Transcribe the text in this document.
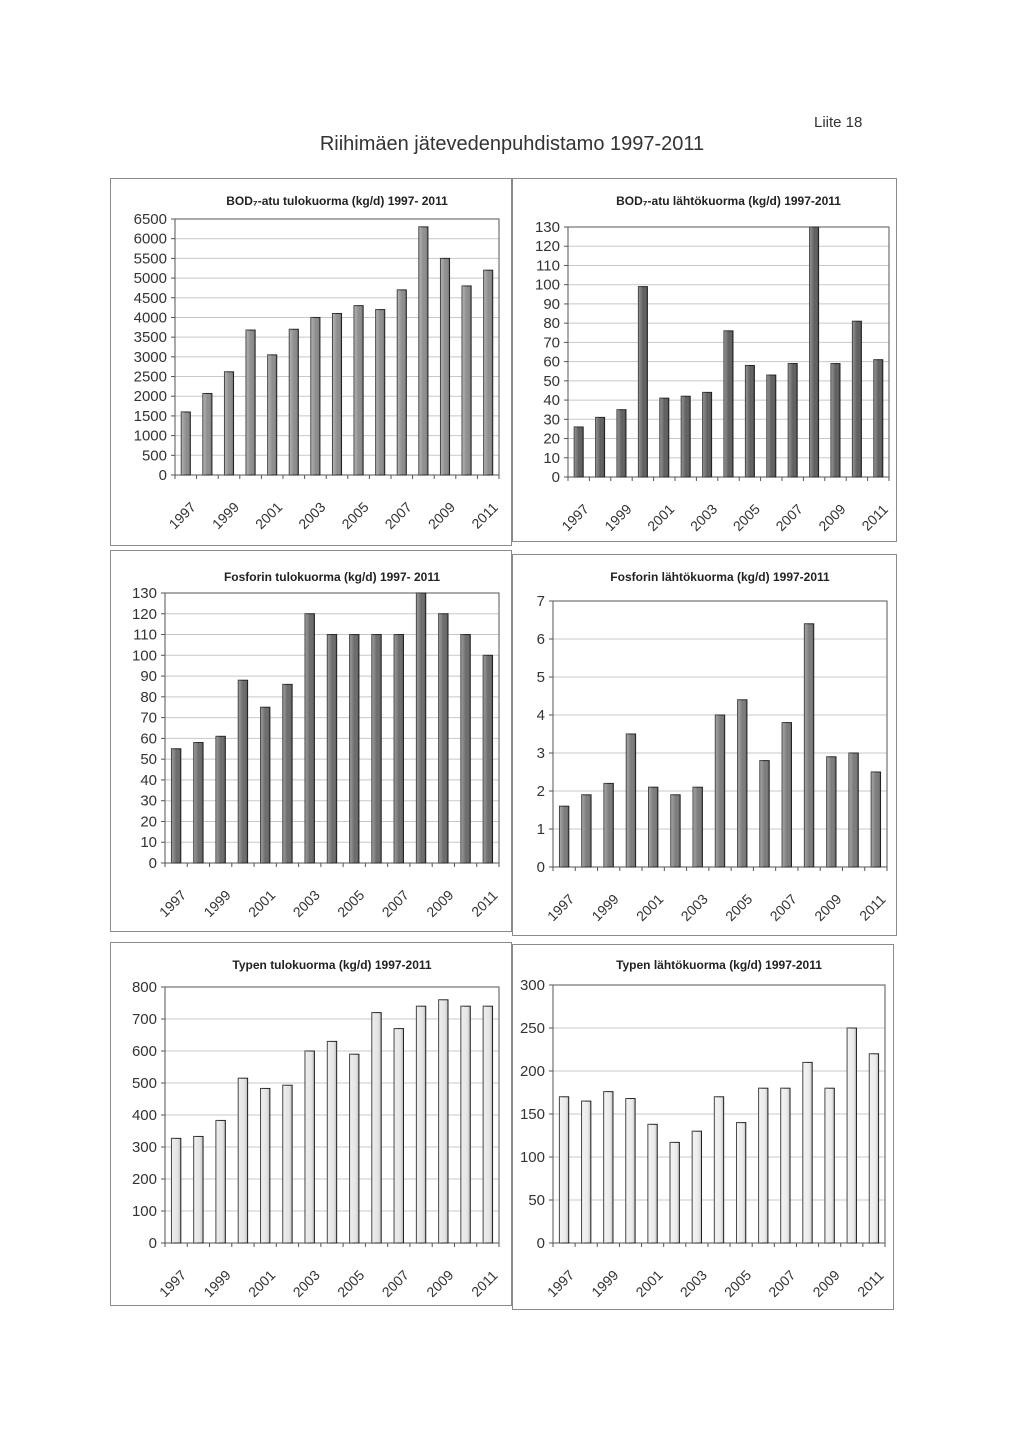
Liite 18
Riihimäen jätevedenpuhdistamo 1997-2011
BOD₇-atu tulokuorma (kg/d) 1997- 2011
0
500
1000
1500
2000
2500
3000
3500
4000
4500
5000
5500
6000
6500
1997 1999 2001 2003 2005 2007 2009 2011
BOD₇-atu lähtökuorma (kg/d) 1997-2011
0
10
20
30
40
50
60
70
80
90
100
110
120
130
1997 1999 2001 2003 2005 2007 2009 2011
Fosforin tulokuorma (kg/d) 1997- 2011
0
10
20
30
40
50
60
70
80
90
100
110
120
130
1997 1999 2001 2003 2005 2007 2009 2011
Fosforin lähtökuorma (kg/d) 1997-2011
0
1
2
3
4
5
6
7
1997 1999 2001 2003 2005 2007 2009 2011
Typen tulokuorma (kg/d) 1997-2011
0
100
200
300
400
500
600
700
800
1997 1999 2001 2003 2005 2007 2009 2011
Typen lähtökuorma (kg/d) 1997-2011
0
50
100
150
200
250
300
1997 1999 2001 2003 2005 2007 2009 2011
